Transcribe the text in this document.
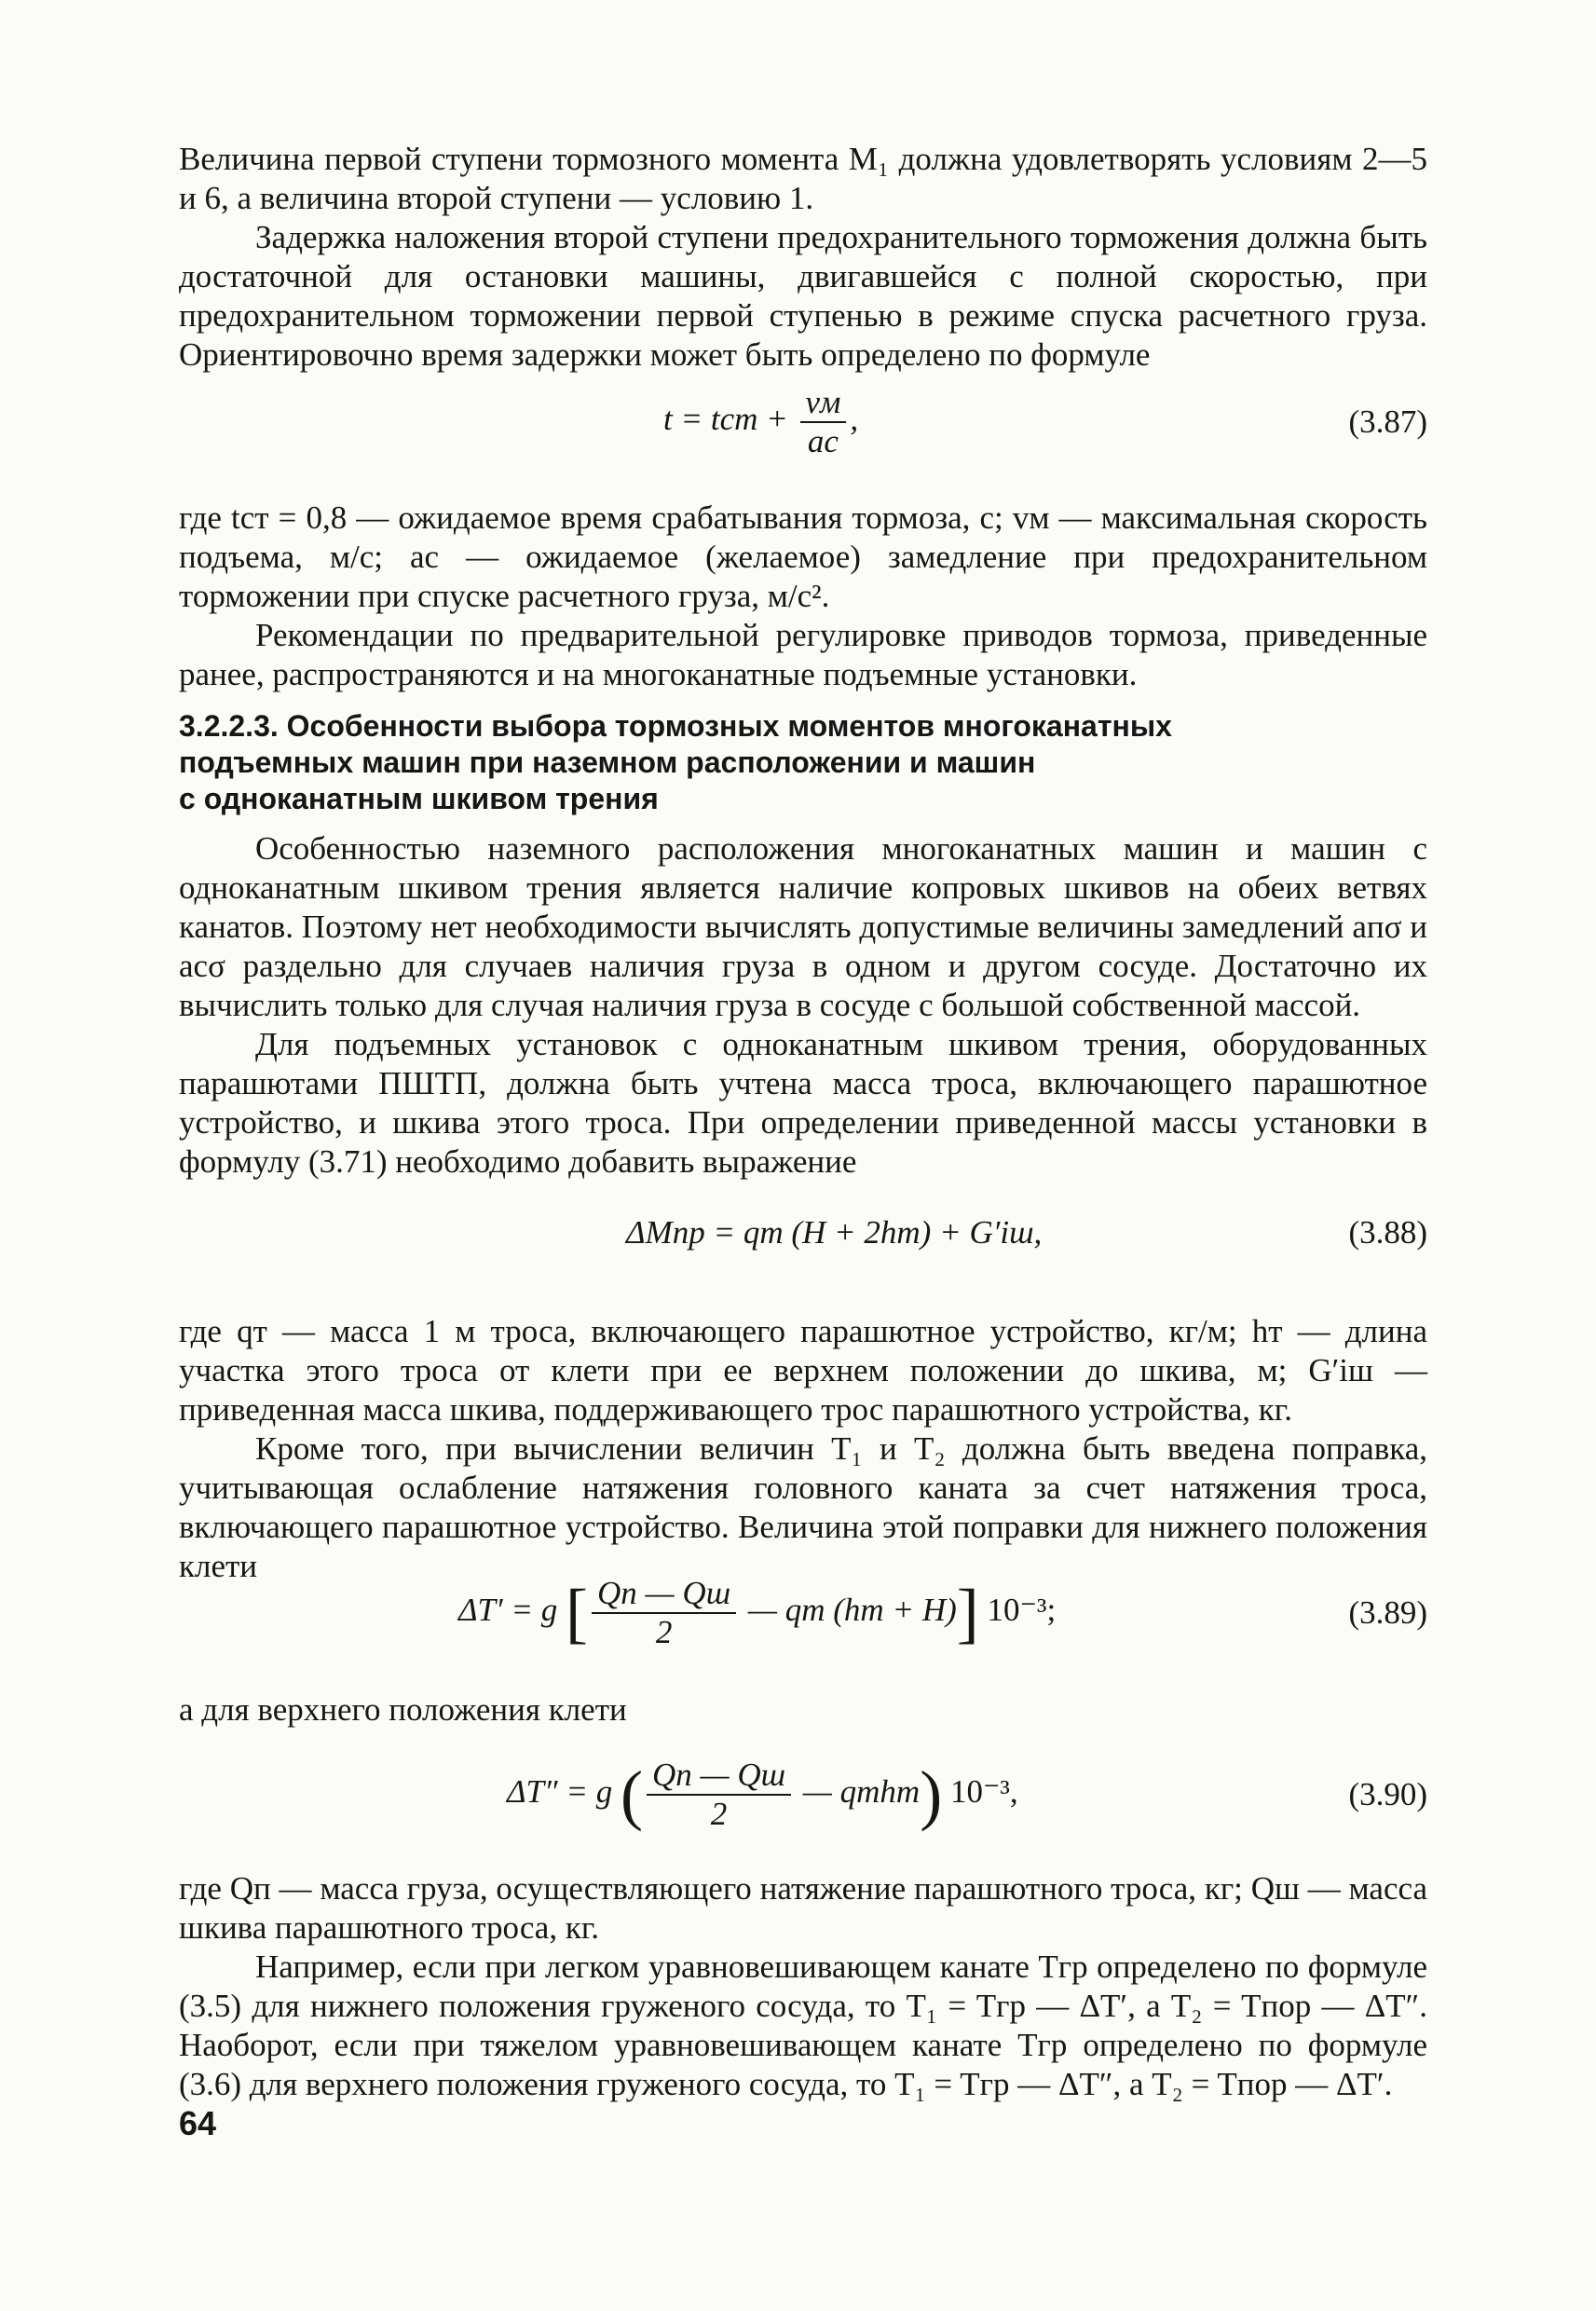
Величина первой ступени тормозного момента M₁ должна удовлетворять условиям 2—5 и 6, а величина второй ступени — условию 1.

Задержка наложения второй ступени предохранительного торможения должна быть достаточной для остановки машины, двигавшейся с полной скоростью, при предохранительном торможении первой ступенью в режиме спуска расчетного груза. Ориентировочно время задержки может быть определено по формуле

t = tст + $\frac{vм}{aс}$ ,	(3.87)

где tст = 0,8 — ожидаемое время срабатывания тормоза, с; vм — максимальная скорость подъема, м/с; aс — ожидаемое (желаемое) замедление при предохранительном торможении при спуске расчетного груза, м/с².

Рекомендации по предварительной регулировке приводов тормоза, приведенные ранее, распространяются и на многоканатные подъемные установки.

3.2.2.3. Особенности выбора тормозных моментов многоканатных
подъемных машин при наземном расположении и машин
с одноканатным шкивом трения

Особенностью наземного расположения многоканатных машин и машин с одноканатным шкивом трения является наличие копровых шкивов на обеих ветвях канатов. Поэтому нет необходимости вычислять допустимые величины замедлений aпσ и aсσ раздельно для случаев наличия груза в одном и другом сосуде. Достаточно их вычислить только для случая наличия груза в сосуде с большой собственной массой.

Для подъемных установок с одноканатным шкивом трения, оборудованных парашютами ПШТП, должна быть учтена масса троса, включающего парашютное устройство, и шкива этого троса. При определении приведенной массы установки в формулу (3.71) необходимо добавить выражение

ΔMпр = qт (H + 2hт) + G′iш,	(3.88)

где qт — масса 1 м троса, включающего парашютное устройство, кг/м; hт — длина участка этого троса от клети при ее верхнем положении до шкива, м; G′iш — приведенная масса шкива, поддерживающего трос парашютного устройства, кг.

Кроме того, при вычислении величин T₁ и T₂ должна быть введена поправка, учитывающая ослабление натяжения головного каната за счет натяжения троса, включающего парашютное устройство. Величина этой поправки для нижнего положения клети

ΔT′ = g [ $\frac{Qп — Qш}{2}$ — qт (hт + H)] 10⁻³;	(3.89)

а для верхнего положения клети

ΔT″ = g ( $\frac{Qп — Qш}{2}$ — qтhт) 10⁻³,	(3.90)

где Qп — масса груза, осуществляющего натяжение парашютного троса, кг; Qш — масса шкива парашютного троса, кг.

Например, если при легком уравновешивающем канате Tгр определено по формуле (3.5) для нижнего положения груженого сосуда, то T₁ = Tгр — ΔT′, а T₂ = Tпор — ΔT″. Наоборот, если при тяжелом уравновешивающем канате Tгр определено по формуле (3.6) для верхнего положения груженого сосуда, то T₁ = Tгр — ΔT″, а T₂ = Tпор — ΔT′.

64
